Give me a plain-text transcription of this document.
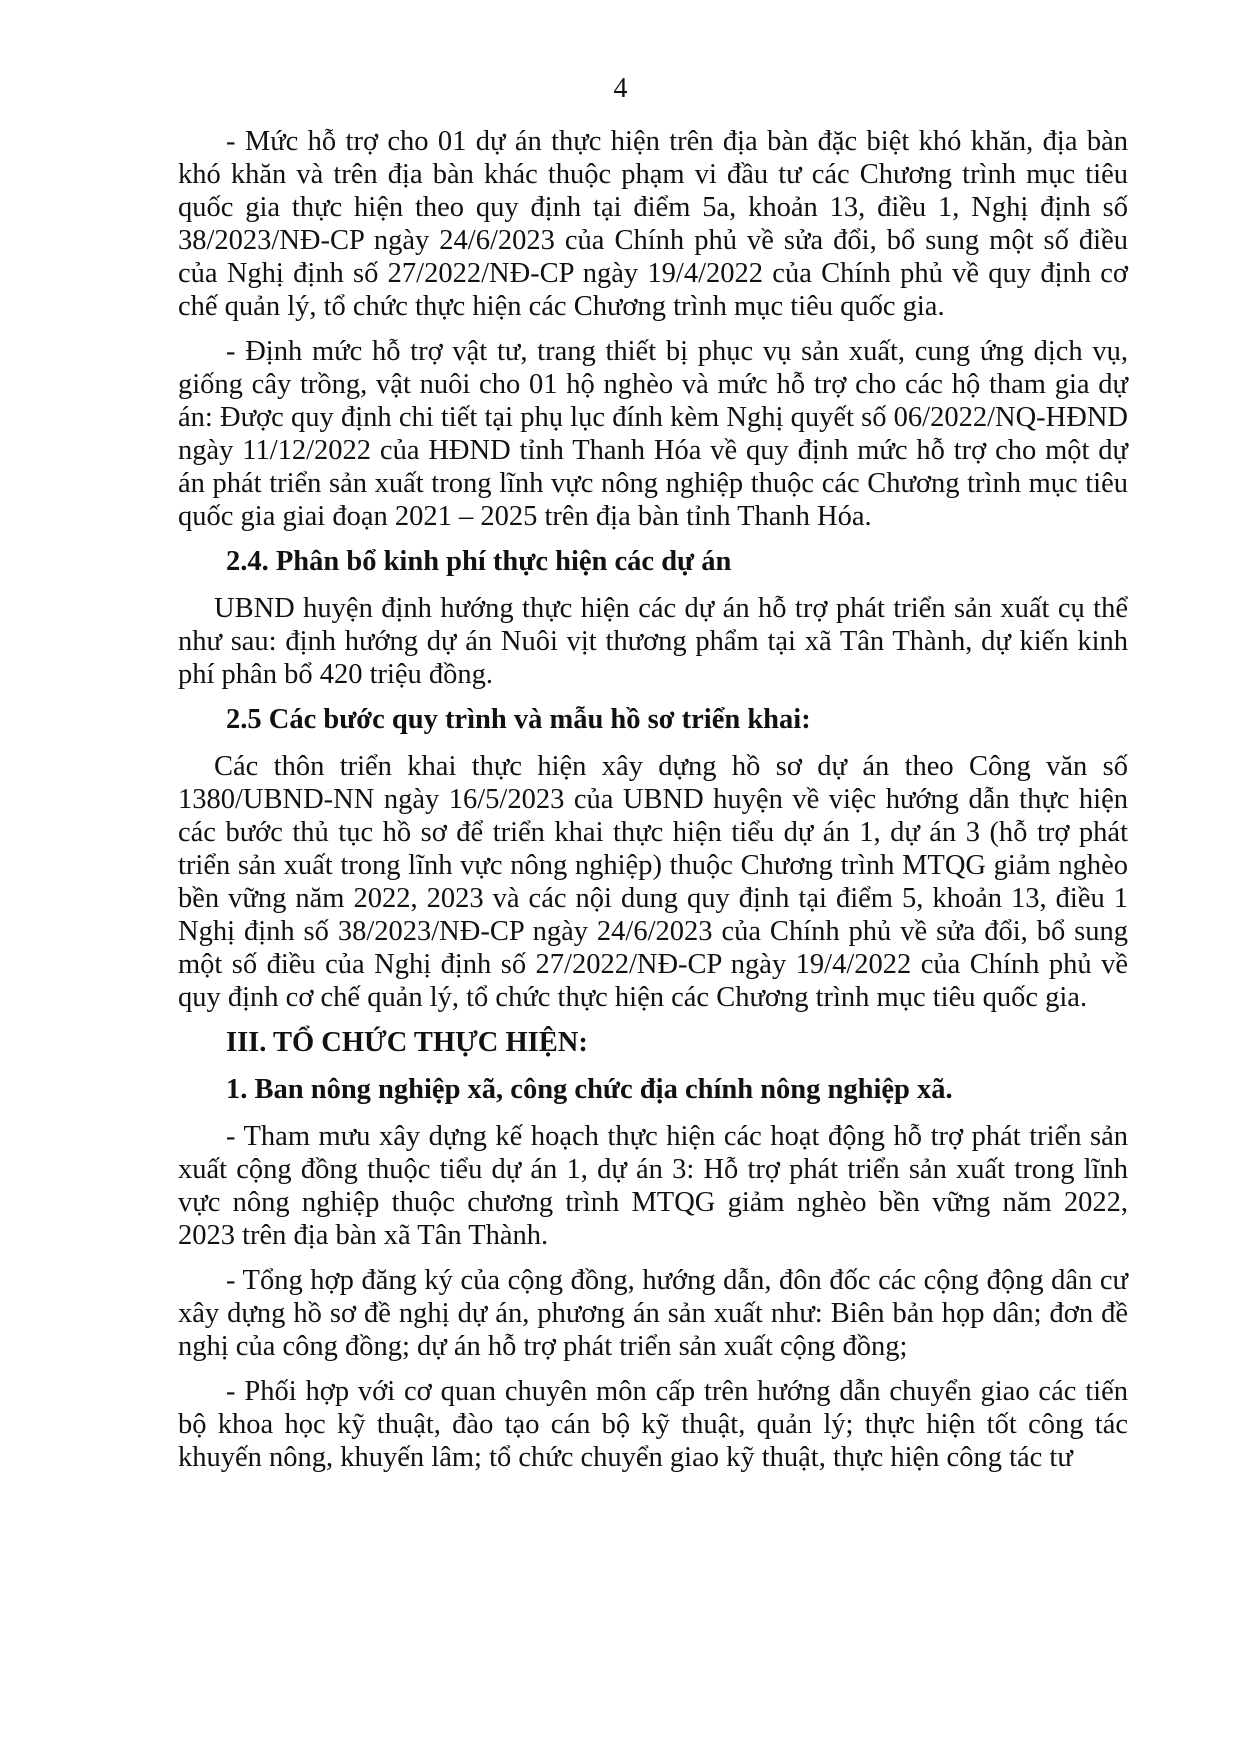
4

- Mức hỗ trợ cho 01 dự án thực hiện trên địa bàn đặc biệt khó khăn, địa bàn khó khăn và trên địa bàn khác thuộc phạm vi đầu tư các Chương trình mục tiêu quốc gia thực hiện theo quy định tại điểm 5a, khoản 13, điều 1, Nghị định số 38/2023/NĐ-CP ngày 24/6/2023 của Chính phủ về sửa đổi, bổ sung một số điều của Nghị định số 27/2022/NĐ-CP ngày 19/4/2022 của Chính phủ về quy định cơ chế quản lý, tổ chức thực hiện các Chương trình mục tiêu quốc gia.

- Định mức hỗ trợ vật tư, trang thiết bị phục vụ sản xuất, cung ứng dịch vụ, giống cây trồng, vật nuôi cho 01 hộ nghèo và mức hỗ trợ cho các hộ tham gia dự án: Được quy định chi tiết tại phụ lục đính kèm Nghị quyết số 06/2022/NQ-HĐND ngày 11/12/2022 của HĐND tỉnh Thanh Hóa về quy định mức hỗ trợ cho một dự án phát triển sản xuất trong lĩnh vực nông nghiệp thuộc các Chương trình mục tiêu quốc gia giai đoạn 2021 – 2025 trên địa bàn tỉnh Thanh Hóa.

2.4. Phân bổ kinh phí thực hiện các dự án

UBND huyện định hướng thực hiện các dự án hỗ trợ phát triển sản xuất cụ thể như sau: định hướng dự án Nuôi vịt thương phẩm tại xã Tân Thành, dự kiến kinh phí phân bổ 420 triệu đồng.

2.5 Các bước quy trình và mẫu hồ sơ triển khai:

Các thôn triển khai thực hiện xây dựng hồ sơ dự án theo Công văn số 1380/UBND-NN ngày 16/5/2023 của UBND huyện về việc hướng dẫn thực hiện các bước thủ tục hồ sơ để triển khai thực hiện tiểu dự án 1, dự án 3 (hỗ trợ phát triển sản xuất trong lĩnh vực nông nghiệp) thuộc Chương trình MTQG giảm nghèo bền vững năm 2022, 2023 và các nội dung quy định tại điểm 5, khoản 13, điều 1 Nghị định số 38/2023/NĐ-CP ngày 24/6/2023 của Chính phủ về sửa đổi, bổ sung một số điều của Nghị định số 27/2022/NĐ-CP ngày 19/4/2022 của Chính phủ về quy định cơ chế quản lý, tổ chức thực hiện các Chương trình mục tiêu quốc gia.

III. TỔ CHỨC THỰC HIỆN:

1. Ban nông nghiệp xã, công chức địa chính nông nghiệp xã.

- Tham mưu xây dựng kế hoạch thực hiện các hoạt động hỗ trợ phát triển sản xuất cộng đồng thuộc tiểu dự án 1, dự án 3: Hỗ trợ phát triển sản xuất trong lĩnh vực nông nghiệp thuộc chương trình MTQG giảm nghèo bền vững năm 2022, 2023 trên địa bàn xã Tân Thành.

- Tổng hợp đăng ký của cộng đồng, hướng dẫn, đôn đốc các cộng động dân cư xây dựng hồ sơ đề nghị dự án, phương án sản xuất như: Biên bản họp dân; đơn đề nghị của công đồng; dự án hỗ trợ phát triển sản xuất cộng đồng;

- Phối hợp với cơ quan chuyên môn cấp trên hướng dẫn chuyển giao các tiến bộ khoa học kỹ thuật, đào tạo cán bộ kỹ thuật, quản lý; thực hiện tốt công tác khuyến nông, khuyến lâm; tổ chức chuyển giao kỹ thuật, thực hiện công tác tư
